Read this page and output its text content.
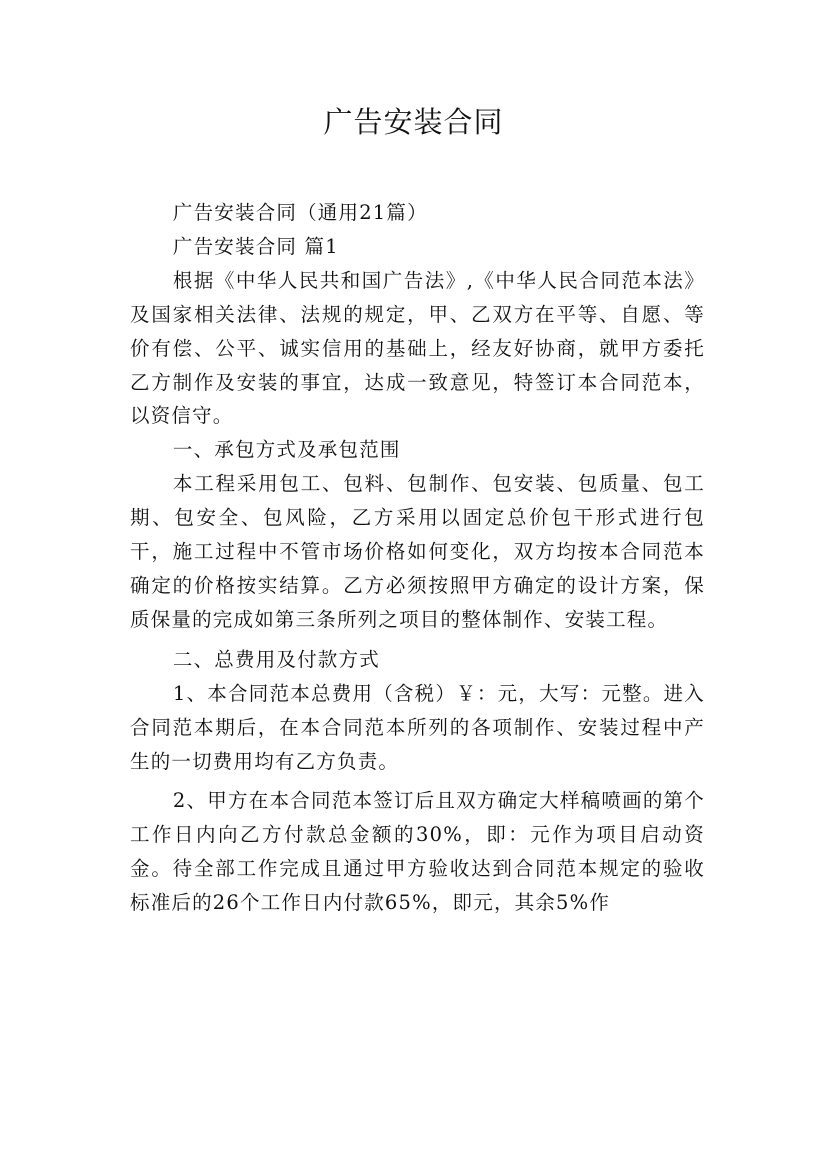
广告安装合同

广告安装合同（通用21篇）

广告安装合同 篇1

根据《中华人民共和国广告法》,《中华人民合同范本法》及国家相关法律、法规的规定，甲、乙双方在平等、自愿、等价有偿、公平、诚实信用的基础上，经友好协商，就甲方委托乙方制作及安装的事宜，达成一致意见，特签订本合同范本，以资信守。

一、承包方式及承包范围

本工程采用包工、包料、包制作、包安装、包质量、包工期、包安全、包风险，乙方采用以固定总价包干形式进行包干，施工过程中不管市场价格如何变化，双方均按本合同范本确定的价格按实结算。乙方必须按照甲方确定的设计方案，保质保量的完成如第三条所列之项目的整体制作、安装工程。

二、总费用及付款方式

1、本合同范本总费用（含税）￥：元，大写：元整。进入合同范本期后，在本合同范本所列的各项制作、安装过程中产生的一切费用均有乙方负责。

2、甲方在本合同范本签订后且双方确定大样稿喷画的第个工作日内向乙方付款总金额的30%，即：元作为项目启动资金。待全部工作完成且通过甲方验收达到合同范本规定的验收标准后的26个工作日内付款65%，即元，其余5%作
